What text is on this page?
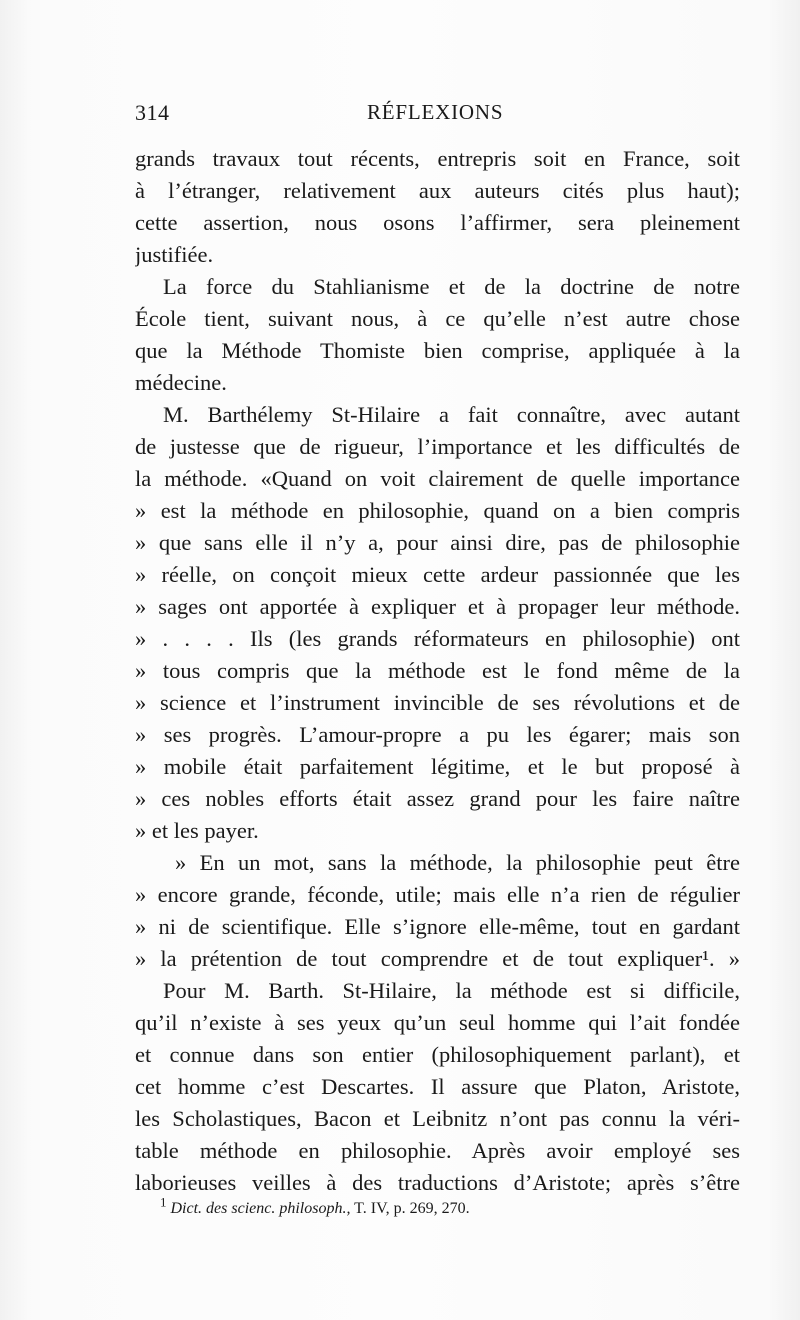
314	RÉFLEXIONS
grands travaux tout récents, entrepris soit en France, soit
à l’étranger, relativement aux auteurs cités plus haut);
cette assertion, nous osons l’affirmer, sera pleinement
justifiée.
La force du Stahlianisme et de la doctrine de notre
École tient, suivant nous, à ce qu’elle n’est autre chose
que la Méthode Thomiste bien comprise, appliquée à la
médecine.
M. Barthélemy St-Hilaire a fait connaître, avec autant
de justesse que de rigueur, l’importance et les difficultés de
la méthode. «Quand on voit clairement de quelle importance
» est la méthode en philosophie, quand on a bien compris
» que sans elle il n’y a, pour ainsi dire, pas de philosophie
» réelle, on conçoit mieux cette ardeur passionnée que les
» sages ont apportée à expliquer et à propager leur méthode.
» . . . . Ils (les grands réformateurs en philosophie) ont
» tous compris que la méthode est le fond même de la
» science et l’instrument invincible de ses révolutions et de
» ses progrès. L’amour-propre a pu les égarer; mais son
» mobile était parfaitement légitime, et le but proposé à
» ces nobles efforts était assez grand pour les faire naître
» et les payer.
» En un mot, sans la méthode, la philosophie peut être
» encore grande, féconde, utile; mais elle n’a rien de régulier
» ni de scientifique. Elle s’ignore elle-même, tout en gardant
» la prétention de tout comprendre et de tout expliquer¹. »
Pour M. Barth. St-Hilaire, la méthode est si difficile,
qu’il n’existe à ses yeux qu’un seul homme qui l’ait fondée
et connue dans son entier (philosophiquement parlant), et
cet homme c’est Descartes. Il assure que Platon, Aristote,
les Scholastiques, Bacon et Leibnitz n’ont pas connu la véri-
table méthode en philosophie. Après avoir employé ses
laborieuses veilles à des traductions d’Aristote; après s’être
$^1$ Dict. des scienc. philosoph., T. IV, p. 269, 270.
